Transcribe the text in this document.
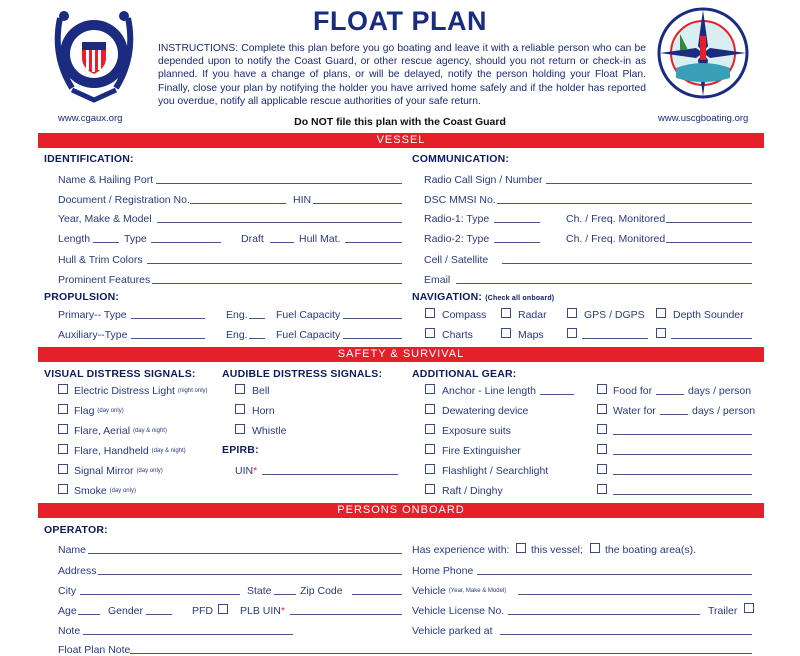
www.cgaux.org
FLOAT PLAN
INSTRUCTIONS: Complete this plan before you go boating and leave it with a reliable person who can be depended upon to notify the Coast Guard, or other rescue agency, should you not return or check-in as planned. If you have a change of plans, or will be delayed, notify the person holding your Float Plan. Finally, close your plan by notifying the holder you have arrived home safely and if the holder has reported you overdue, notify all applicable rescue authorities of your safe return.
Do NOT file this plan with the Coast Guard	www.uscgboating.org
VESSEL
IDENTIFICATION:
Name & Hailing Port
Document / Registration No.	HIN
Year, Make & Model
Length	Type	Draft	Hull Mat.
Hull & Trim Colors
Prominent Features
COMMUNICATION:
Radio Call Sign / Number
DSC MMSI No.
Radio-1: Type	Ch. / Freq. Monitored
Radio-2: Type	Ch. / Freq. Monitored
Cell / Satellite
Email
PROPULSION:
Primary-- Type	Eng.	Fuel Capacity
Auxiliary--Type	Eng.	Fuel Capacity
NAVIGATION: (Check all onboard)
Compass	Radar	GPS / DGPS	Depth Sounder
Charts	Maps
SAFETY & SURVIVAL
VISUAL DISTRESS SIGNALS:
Electric Distress Light (night only)
Flag (day only)
Flare, Aerial (day & night)
Flare, Handheld (day & night)
Signal Mirror (day only)
Smoke (day only)
AUDIBLE DISTRESS SIGNALS:
Bell
Horn
Whistle
EPIRB:
UIN*
ADDITIONAL GEAR:
Anchor - Line length
Dewatering device
Exposure suits
Fire Extinguisher
Flashlight / Searchlight
Raft / Dinghy
Food for	days / person
Water for	days / person
PERSONS ONBOARD
OPERATOR:
Name
Address
City	State	Zip Code
Age	Gender	PFD	PLB UIN*
Note
Float Plan Note
Has experience with: this vessel; the boating area(s).
Home Phone
Vehicle (Year, Make & Model)
Vehicle License No.	Trailer
Vehicle parked at
